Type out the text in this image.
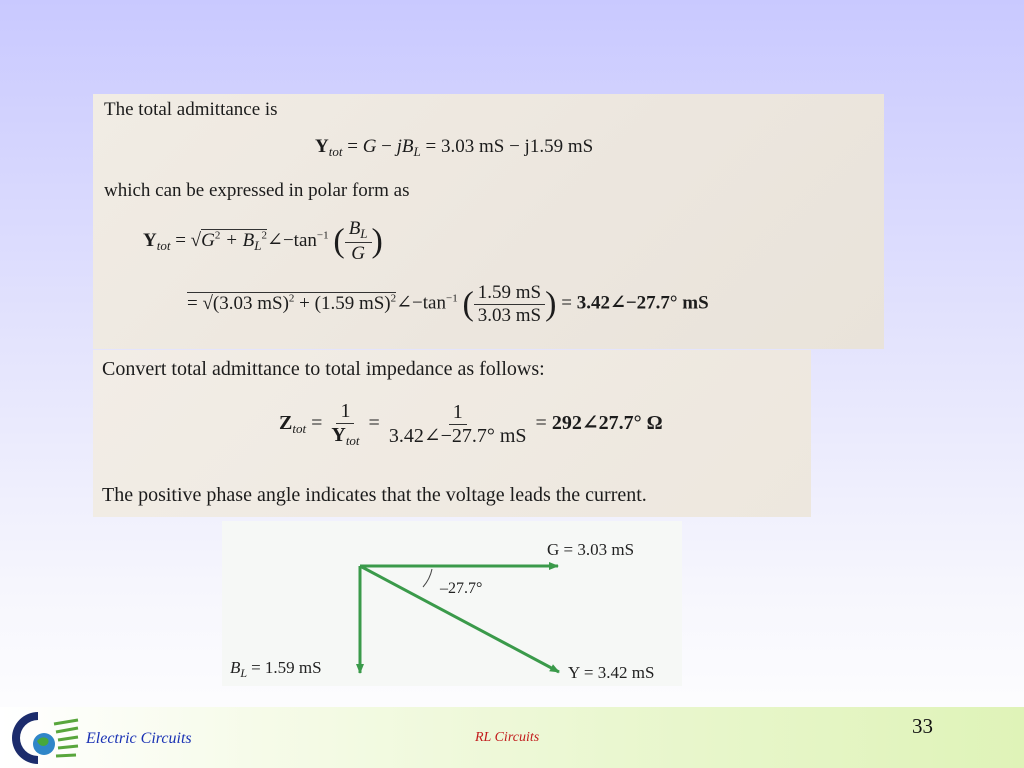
The total admittance is
$Y_{tot} = G - jB_L = 3.03$ mS − j1.59 mS
which can be expressed in polar form as
$Y_{tot} = √G^2$ + $B_L^2\angle-\tan^{-1}$ ( $\frac{B_L}{G}$ )
= √(3.03 mS)$^2$ + (1.59 $mS)^2\angle-\tan^{-1}$ ( $\frac{1.59 mS}{3.03 mS}$ ) = 3.42∠−27.7° mS
Convert total admittance to total impedance as follows:
$Z_{tot} = \frac{1}{Y_{tot}} = \frac{1}{3.42\angle-27.7^\circ mS}$ = 292∠27.7° Ω
The positive phase angle indicates that the voltage leads the current.
G = 3.03 mS
–27.7°
$B_L = 1.59$ mS	Y = 3.42 mS
Electric Circuits	RL Circuits	33
